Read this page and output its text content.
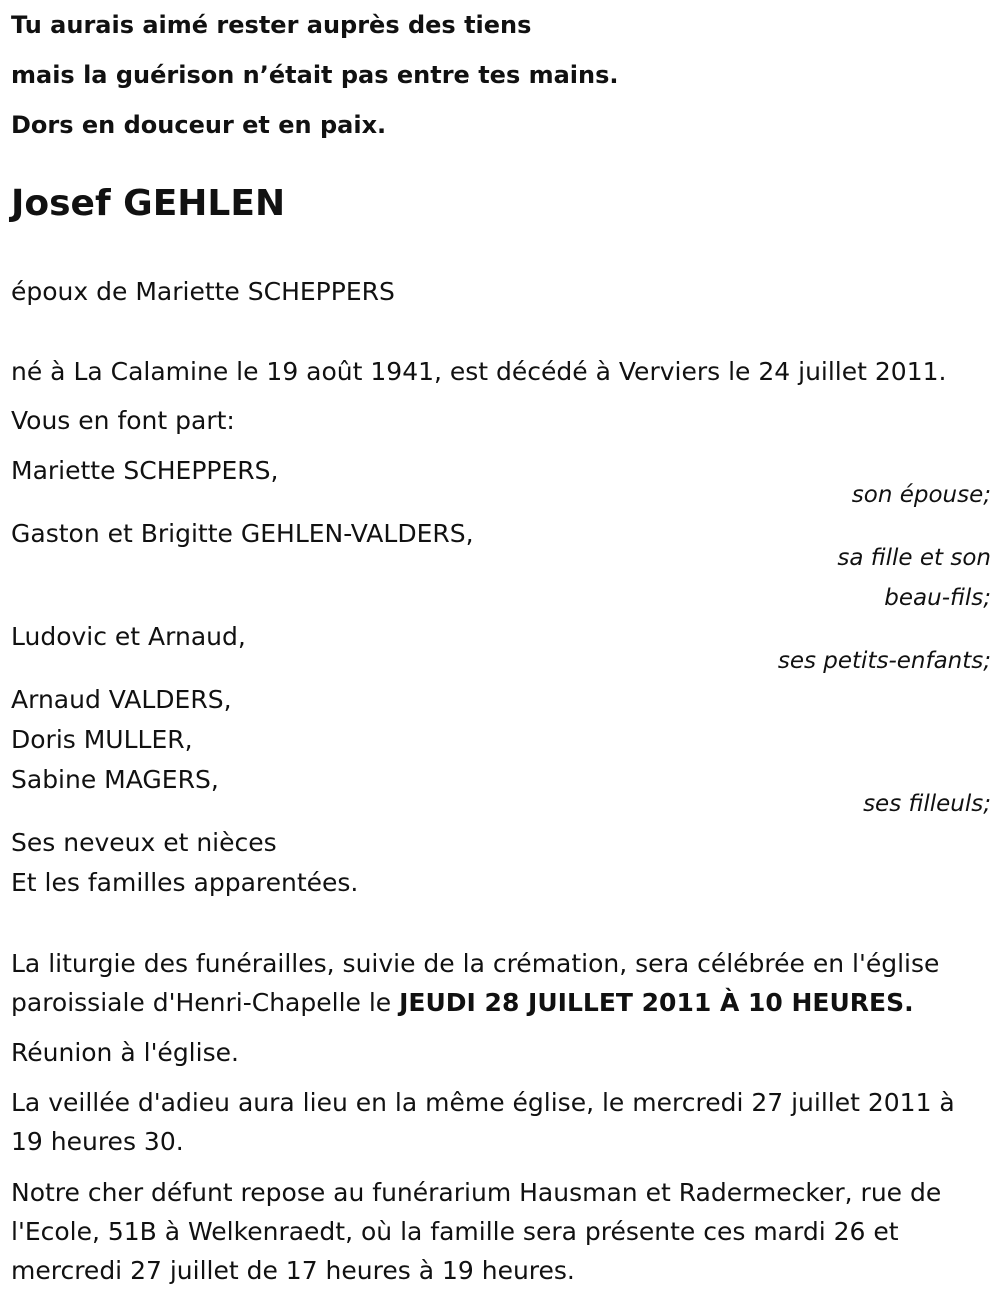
Tu aurais aimé rester auprès des tiens
mais la guérison n’était pas entre tes mains.
Dors en douceur et en paix.
Josef GEHLEN
époux de Mariette SCHEPPERS
né à La Calamine le 19 août 1941, est décédé à Verviers le 24 juillet 2011.
Vous en font part:
Mariette SCHEPPERS,
son épouse;
Gaston et Brigitte GEHLEN-VALDERS,
sa fille et son
beau-fils;
Ludovic et Arnaud,
ses petits-enfants;
Arnaud VALDERS,
Doris MULLER,
Sabine MAGERS,
ses filleuls;
Ses neveux et nièces
Et les familles apparentées.
La liturgie des funérailles, suivie de la crémation, sera célébrée en l'église paroissiale d'Henri-Chapelle le JEUDI 28 JUILLET 2011 À 10 HEURES.
Réunion à l'église.
La veillée d'adieu aura lieu en la même église, le mercredi 27 juillet 2011 à 19 heures 30.
Notre cher défunt repose au funérarium Hausman et Radermecker, rue de l'Ecole, 51B à Welkenraedt, où la famille sera présente ces mardi 26 et mercredi 27 juillet de 17 heures à 19 heures.
